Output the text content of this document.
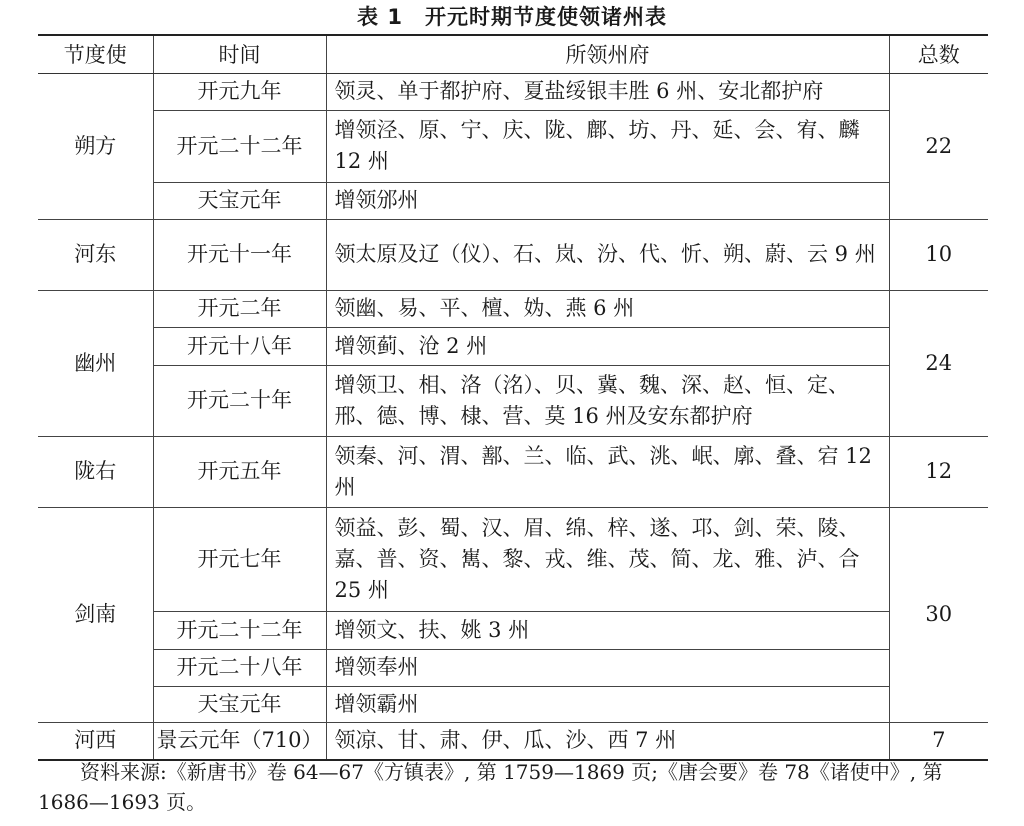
表 1　开元时期节度使领诸州表
节度使	时间	所领州府	总数
朔方	开元九年	领灵、单于都护府、夏盐绥银丰胜 6 州、安北都护府	22
	开元二十二年	增领泾、原、宁、庆、陇、鄜、坊、丹、延、会、宥、麟 12 州	
	天宝元年	增领邠州	
河东	开元十一年	领太原及辽（仪）、石、岚、汾、代、忻、朔、蔚、云 9 州	10
幽州	开元二年	领幽、易、平、檀、妫、燕 6 州	24
	开元十八年	增领蓟、沧 2 州	
	开元二十年	增领卫、相、洛（洺）、贝、冀、魏、深、赵、恒、定、邢、德、博、棣、营、莫 16 州及安东都护府	
陇右	开元五年	领秦、河、渭、鄯、兰、临、武、洮、岷、廓、叠、宕 12 州	12
剑南	开元七年	领益、彭、蜀、汉、眉、绵、梓、遂、邛、剑、荣、陵、嘉、普、资、嶲、黎、戎、维、茂、简、龙、雅、泸、合 25 州	30
	开元二十二年	增领文、扶、姚 3 州	
	开元二十八年	增领奉州	
	天宝元年	增领霸州	
河西	景云元年（710）	领凉、甘、肃、伊、瓜、沙、西 7 州	7
资料来源:《新唐书》卷 64—67《方镇表》, 第 1759—1869 页;《唐会要》卷 78《诸使中》, 第 1686—1693 页。
